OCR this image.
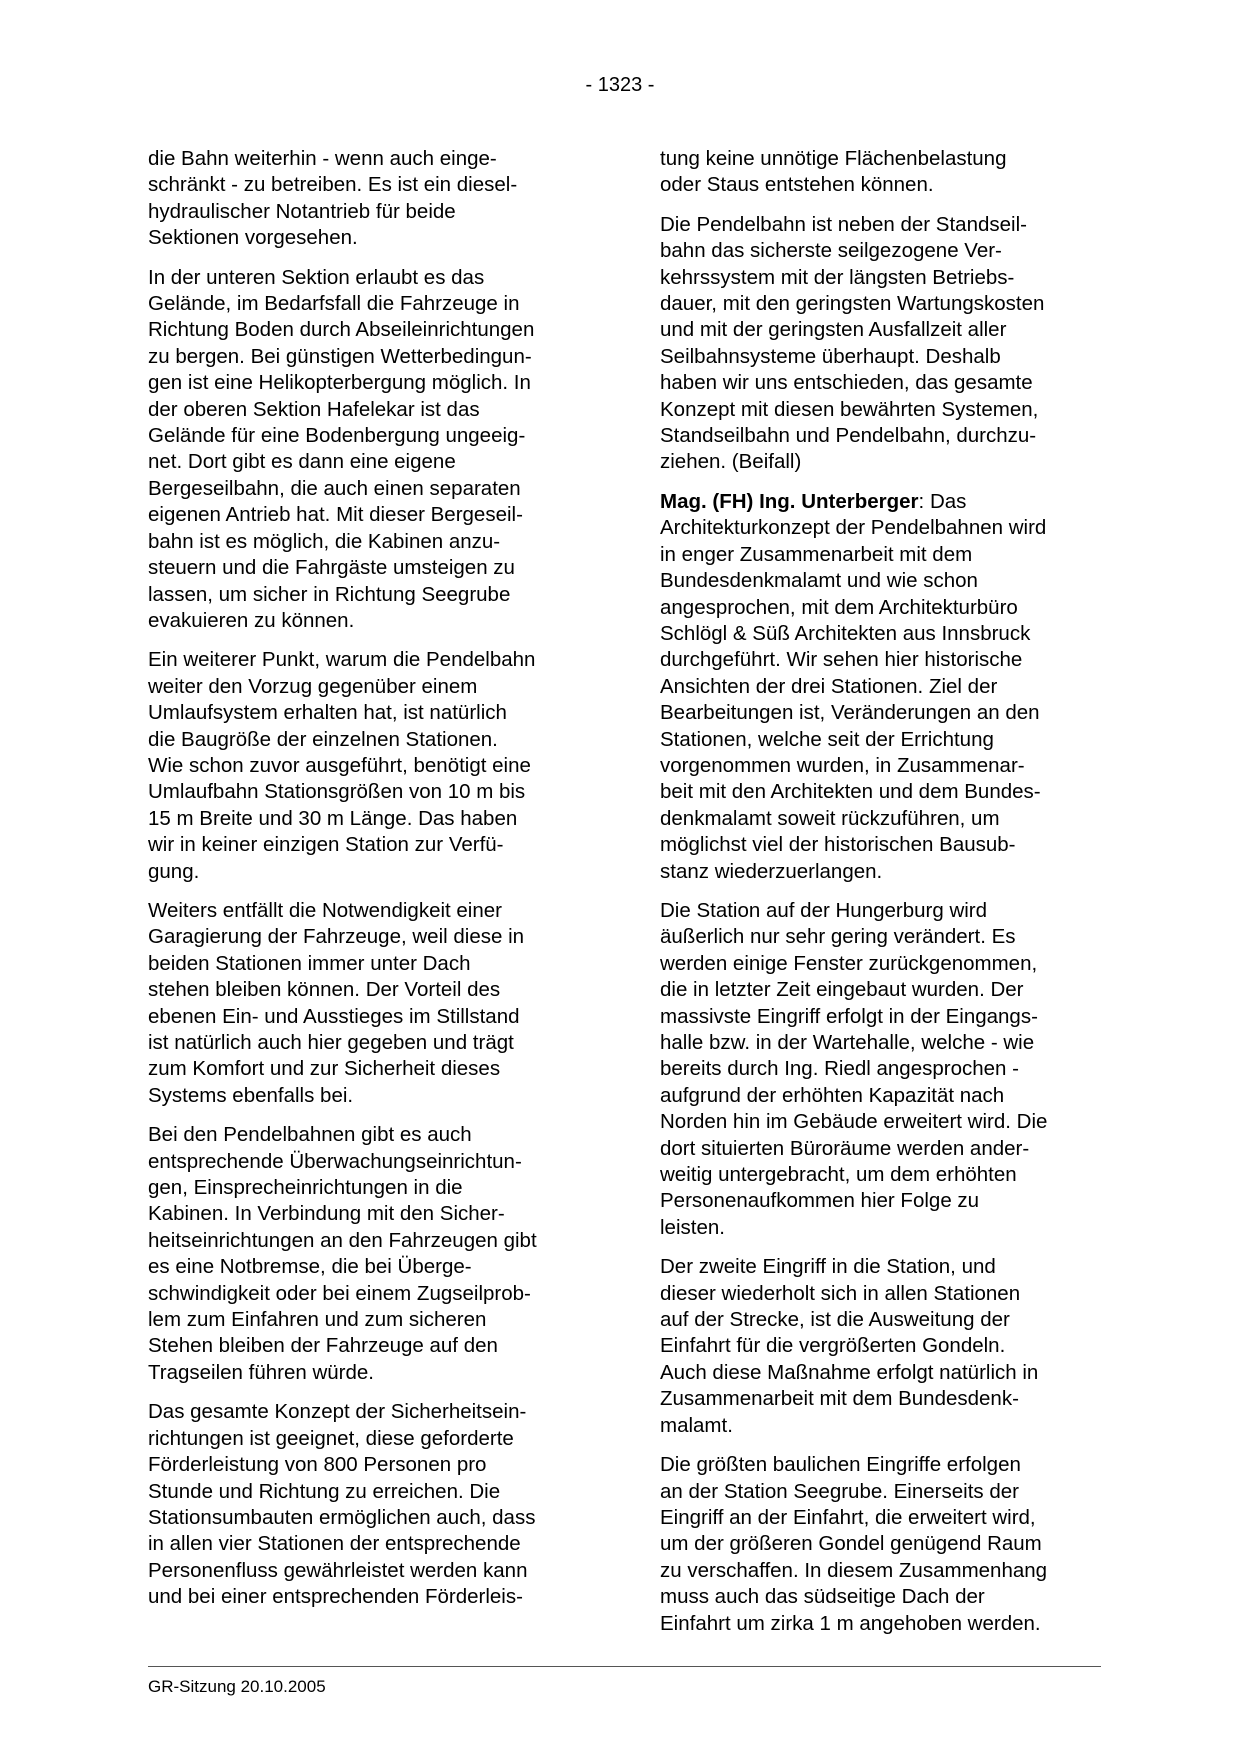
- 1323 -

die Bahn weiterhin - wenn auch einge-
schränkt - zu betreiben. Es ist ein diesel-
hydraulischer Notantrieb für beide
Sektionen vorgesehen.

In der unteren Sektion erlaubt es das
Gelände, im Bedarfsfall die Fahrzeuge in
Richtung Boden durch Abseileinrichtungen
zu bergen. Bei günstigen Wetterbedingun-
gen ist eine Helikopterbergung möglich. In
der oberen Sektion Hafelekar ist das
Gelände für eine Bodenbergung ungeeig-
net. Dort gibt es dann eine eigene
Bergeseilbahn, die auch einen separaten
eigenen Antrieb hat. Mit dieser Bergeseil-
bahn ist es möglich, die Kabinen anzu-
steuern und die Fahrgäste umsteigen zu
lassen, um sicher in Richtung Seegrube
evakuieren zu können.

Ein weiterer Punkt, warum die Pendelbahn
weiter den Vorzug gegenüber einem
Umlaufsystem erhalten hat, ist natürlich
die Baugröße der einzelnen Stationen.
Wie schon zuvor ausgeführt, benötigt eine
Umlaufbahn Stationsgrößen von 10 m bis
15 m Breite und 30 m Länge. Das haben
wir in keiner einzigen Station zur Verfü-
gung.

Weiters entfällt die Notwendigkeit einer
Garagierung der Fahrzeuge, weil diese in
beiden Stationen immer unter Dach
stehen bleiben können. Der Vorteil des
ebenen Ein- und Ausstieges im Stillstand
ist natürlich auch hier gegeben und trägt
zum Komfort und zur Sicherheit dieses
Systems ebenfalls bei.

Bei den Pendelbahnen gibt es auch
entsprechende Überwachungseinrichtun-
gen, Einsprecheinrichtungen in die
Kabinen. In Verbindung mit den Sicher-
heitseinrichtungen an den Fahrzeugen gibt
es eine Notbremse, die bei Überge-
schwindigkeit oder bei einem Zugseilprob-
lem zum Einfahren und zum sicheren
Stehen bleiben der Fahrzeuge auf den
Tragseilen führen würde.

Das gesamte Konzept der Sicherheitsein-
richtungen ist geeignet, diese geforderte
Förderleistung von 800 Personen pro
Stunde und Richtung zu erreichen. Die
Stationsumbauten ermöglichen auch, dass
in allen vier Stationen der entsprechende
Personenfluss gewährleistet werden kann
und bei einer entsprechenden Förderleis-

tung keine unnötige Flächenbelastung
oder Staus entstehen können.

Die Pendelbahn ist neben der Standseil-
bahn das sicherste seilgezogene Ver-
kehrssystem mit der längsten Betriebs-
dauer, mit den geringsten Wartungskosten
und mit der geringsten Ausfallzeit aller
Seilbahnsysteme überhaupt. Deshalb
haben wir uns entschieden, das gesamte
Konzept mit diesen bewährten Systemen,
Standseilbahn und Pendelbahn, durchzu-
ziehen. (Beifall)

Mag. (FH) Ing. Unterberger: Das
Architekturkonzept der Pendelbahnen wird
in enger Zusammenarbeit mit dem
Bundesdenkmalamt und wie schon
angesprochen, mit dem Architekturbüro
Schlögl & Süß Architekten aus Innsbruck
durchgeführt. Wir sehen hier historische
Ansichten der drei Stationen. Ziel der
Bearbeitungen ist, Veränderungen an den
Stationen, welche seit der Errichtung
vorgenommen wurden, in Zusammenar-
beit mit den Architekten und dem Bundes-
denkmalamt soweit rückzuführen, um
möglichst viel der historischen Bausub-
stanz wiederzuerlangen.

Die Station auf der Hungerburg wird
äußerlich nur sehr gering verändert. Es
werden einige Fenster zurückgenommen,
die in letzter Zeit eingebaut wurden. Der
massivste Eingriff erfolgt in der Eingangs-
halle bzw. in der Wartehalle, welche - wie
bereits durch Ing. Riedl angesprochen -
aufgrund der erhöhten Kapazität nach
Norden hin im Gebäude erweitert wird. Die
dort situierten Büroräume werden ander-
weitig untergebracht, um dem erhöhten
Personenaufkommen hier Folge zu
leisten.

Der zweite Eingriff in die Station, und
dieser wiederholt sich in allen Stationen
auf der Strecke, ist die Ausweitung der
Einfahrt für die vergrößerten Gondeln.
Auch diese Maßnahme erfolgt natürlich in
Zusammenarbeit mit dem Bundesdenk-
malamt.

Die größten baulichen Eingriffe erfolgen
an der Station Seegrube. Einerseits der
Eingriff an der Einfahrt, die erweitert wird,
um der größeren Gondel genügend Raum
zu verschaffen. In diesem Zusammenhang
muss auch das südseitige Dach der
Einfahrt um zirka 1 m angehoben werden.

GR-Sitzung 20.10.2005
